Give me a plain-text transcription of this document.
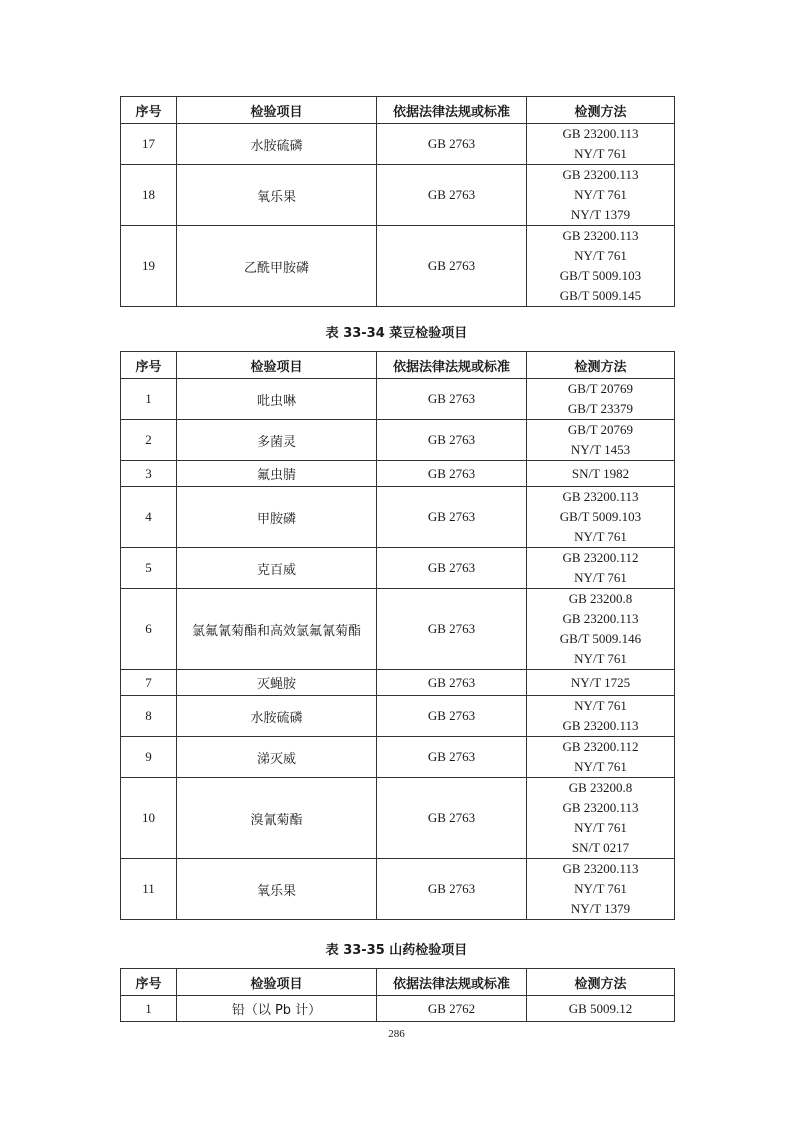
序号	检验项目	依据法律法规或标准	检测方法
17	水胺硫磷	GB 2763	GB 23200.113
NY/T 761

18	氧乐果	GB 2763	GB 23200.113
NY/T 761
NY/T 1379

19	乙酰甲胺磷	GB 2763	GB 23200.113
NY/T 761
GB/T 5009.103
GB/T 5009.145
表 33-34 菜豆检验项目
序号	检验项目	依据法律法规或标准	检测方法
1	吡虫啉	GB 2763	GB/T 20769
GB/T 23379

2	多菌灵	GB 2763	GB/T 20769
NY/T 1453

3	氟虫腈	GB 2763	SN/T 1982

4	甲胺磷	GB 2763	GB 23200.113
GB/T 5009.103
NY/T 761

5	克百威	GB 2763	GB 23200.112
NY/T 761

6	氯氟氰菊酯和高效氯氟氰菊酯	GB 2763	GB 23200.8
GB 23200.113
GB/T 5009.146
NY/T 761

7	灭蝇胺	GB 2763	NY/T 1725

8	水胺硫磷	GB 2763	NY/T 761
GB 23200.113

9	涕灭威	GB 2763	GB 23200.112
NY/T 761

10	溴氰菊酯	GB 2763	GB 23200.8
GB 23200.113
NY/T 761
SN/T 0217

11	氧乐果	GB 2763	GB 23200.113
NY/T 761
NY/T 1379
表 33-35 山药检验项目
序号	检验项目	依据法律法规或标准	检测方法
1	铅（以 Pb 计）	GB 2762	GB 5009.12
286
